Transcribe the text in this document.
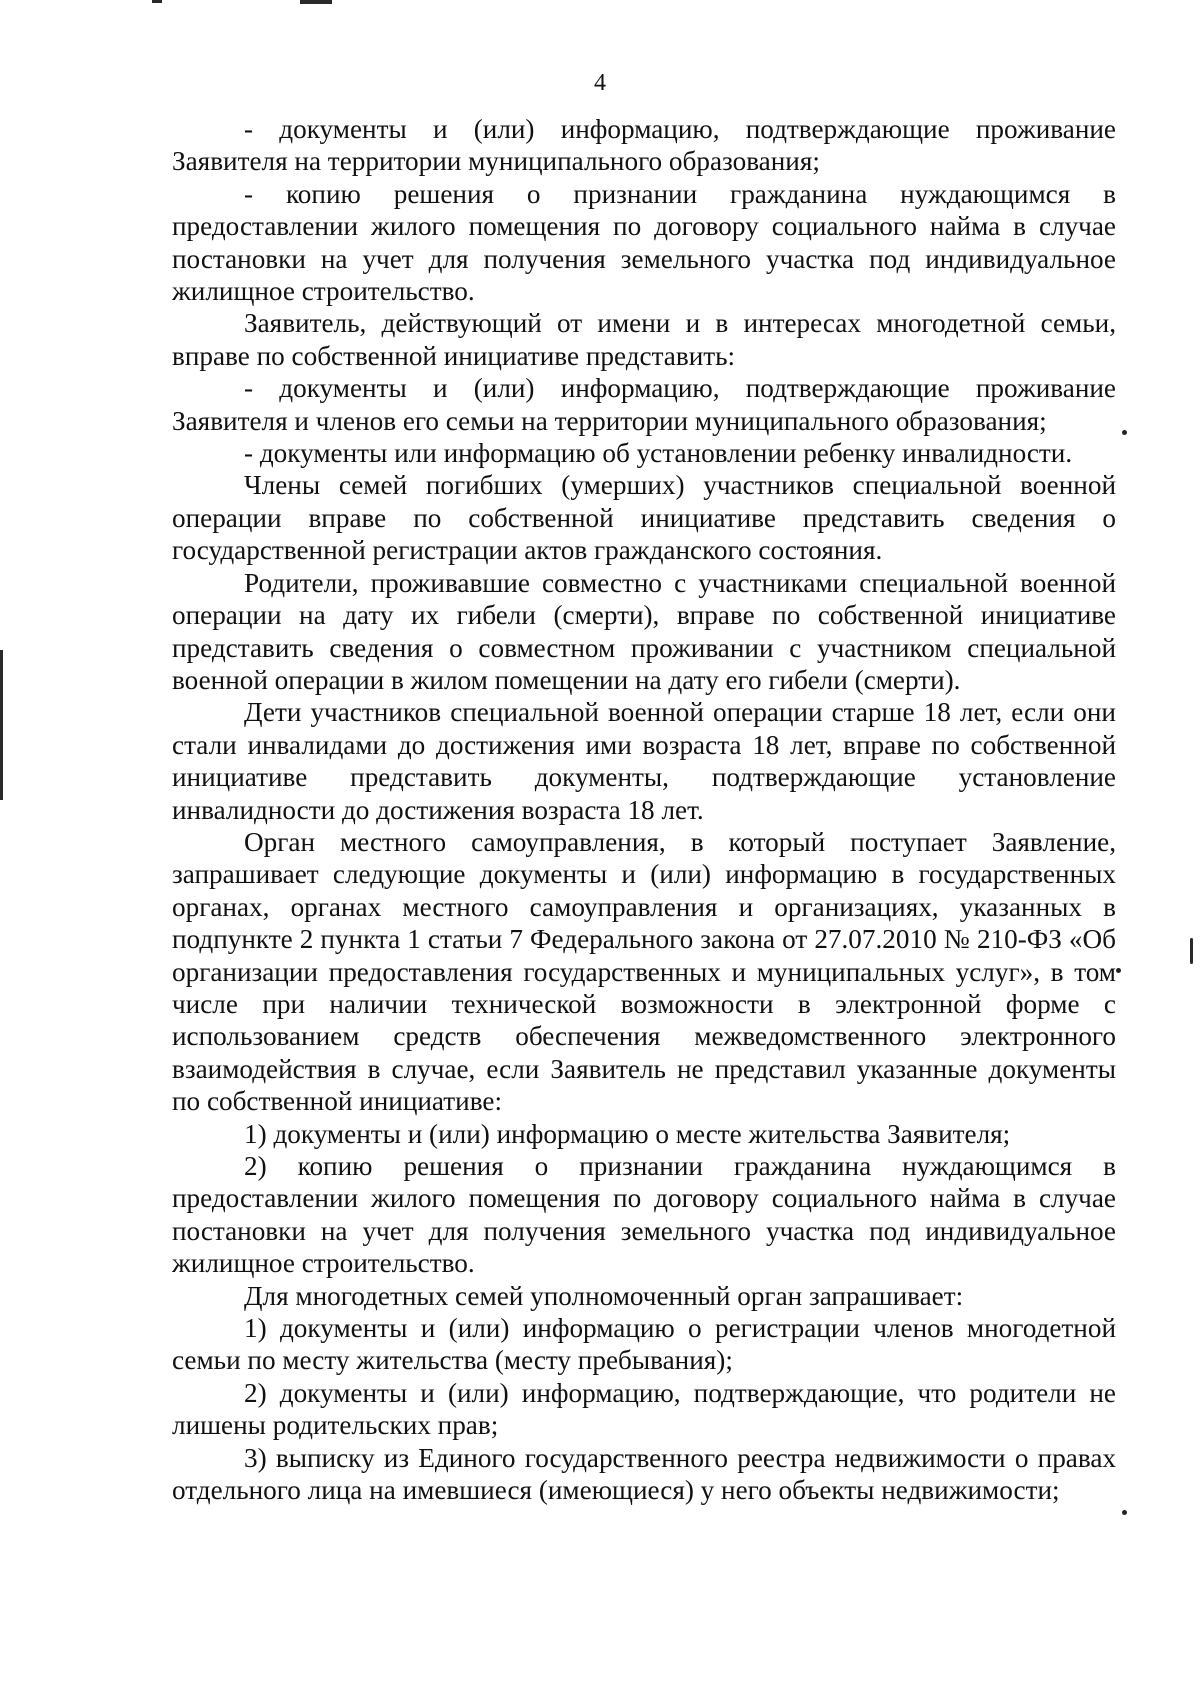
4

- документы и (или) информацию, подтверждающие проживание Заявителя на территории муниципального образования;

- копию решения о признании гражданина нуждающимся в предоставлении жилого помещения по договору социального найма в случае постановки на учет для получения земельного участка под индивидуальное жилищное строительство.

Заявитель, действующий от имени и в интересах многодетной семьи, вправе по собственной инициативе представить:

- документы и (или) информацию, подтверждающие проживание Заявителя и членов его семьи на территории муниципального образования;

- документы или информацию об установлении ребенку инвалидности.

Члены семей погибших (умерших) участников специальной военной операции вправе по собственной инициативе представить сведения о государственной регистрации актов гражданского состояния.

Родители, проживавшие совместно с участниками специальной военной операции на дату их гибели (смерти), вправе по собственной инициативе представить сведения о совместном проживании с участником специальной военной операции в жилом помещении на дату его гибели (смерти).

Дети участников специальной военной операции старше 18 лет, если они стали инвалидами до достижения ими возраста 18 лет, вправе по собственной инициативе представить документы, подтверждающие установление инвалидности до достижения возраста 18 лет.

Орган местного самоуправления, в который поступает Заявление, запрашивает следующие документы и (или) информацию в государственных органах, органах местного самоуправления и организациях, указанных в подпункте 2 пункта 1 статьи 7 Федерального закона от 27.07.2010 № 210-ФЗ «Об организации предоставления государственных и муниципальных услуг», в том числе при наличии технической возможности в электронной форме с использованием средств обеспечения межведомственного электронного взаимодействия в случае, если Заявитель не представил указанные документы по собственной инициативе:

1) документы и (или) информацию о месте жительства Заявителя;

2) копию решения о признании гражданина нуждающимся в предоставлении жилого помещения по договору социального найма в случае постановки на учет для получения земельного участка под индивидуальное жилищное строительство.

Для многодетных семей уполномоченный орган запрашивает:

1) документы и (или) информацию о регистрации членов многодетной семьи по месту жительства (месту пребывания);

2) документы и (или) информацию, подтверждающие, что родители не лишены родительских прав;

3) выписку из Единого государственного реестра недвижимости о правах отдельного лица на имевшиеся (имеющиеся) у него объекты недвижимости;
